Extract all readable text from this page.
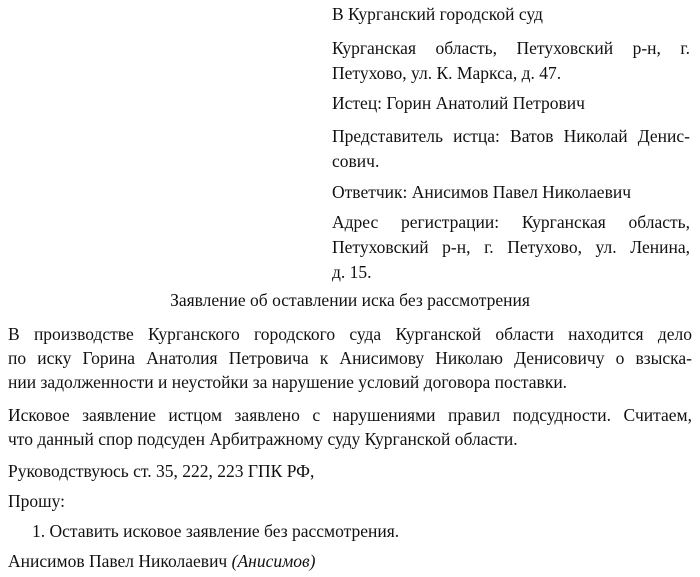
В Курганский городской суд

Курганская область, Петуховский р-н, г.
Петухово, ул. К. Маркса, д. 47.

Истец: Горин Анатолий Петрович

Представитель истца: Ватов Николай Денис-
сович.

Ответчик: Анисимов Павел Николаевич

Адрес регистрации: Курганская область,
Петуховский р-н, г. Петухово, ул. Ленина,
д. 15.
Заявление об оставлении иска без рассмотрения
В производстве Курганского городского суда Курганской области находится дело
по иску Горина Анатолия Петровича к Анисимову Николаю Денисовичу о взыска-
нии задолженности и неустойки за нарушение условий договора поставки.
Исковое заявление истцом заявлено с нарушениями правил подсудности. Считаем,
что данный спор подсуден Арбитражному суду Курганской области.
Руководствуюсь ст. 35, 222, 223 ГПК РФ,
Прошу:
1. Оставить исковое заявление без рассмотрения.
Анисимов Павел Николаевич (Анисимов)
